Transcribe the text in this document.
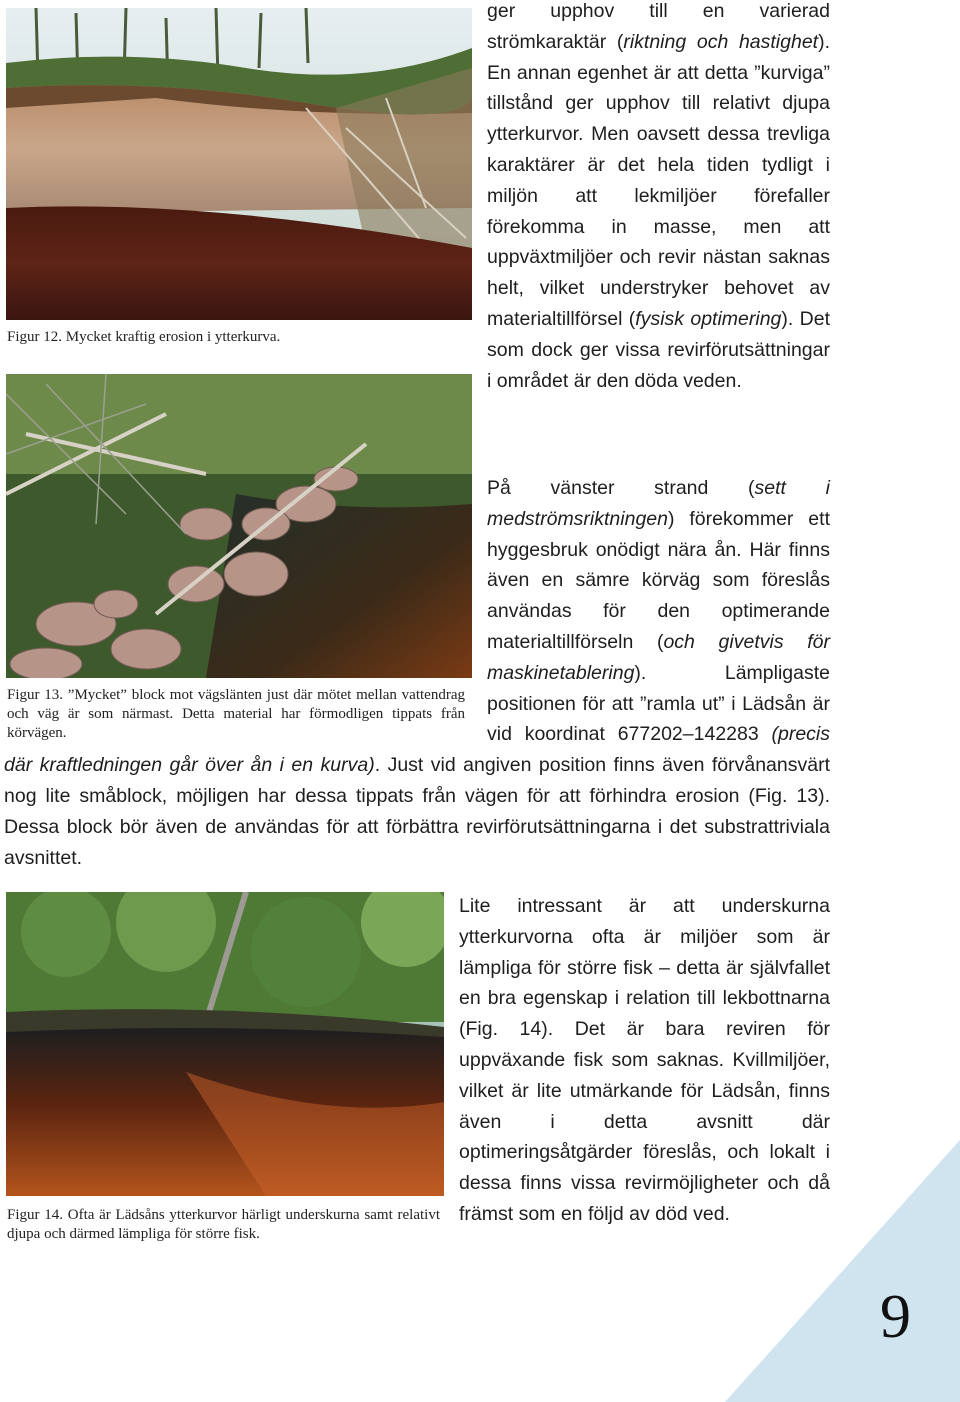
Figur 12. Mycket kraftig erosion i ytterkurva.
Figur 13. ”Mycket” block mot vägslänten just där mötet mellan vattendrag och väg är som närmast. Detta material har förmodligen tippats från körvägen.
Figur 14. Ofta är Lädsåns ytterkurvor härligt underskurna samt relativt djupa och därmed lämpliga för större fisk.

ger upphov till en varierad strömkaraktär (riktning och hastighet). En annan egenhet är att detta ”kurviga” tillstånd ger upphov till relativt djupa ytterkurvor. Men oavsett dessa trevliga karaktärer är det hela tiden tydligt i miljön att lekmiljöer förefaller förekomma in masse, men att uppväxtmiljöer och revir nästan saknas helt, vilket understryker behovet av materialtillförsel (fysisk optimering). Det som dock ger vissa revirförutsättningar i området är den döda veden.

På vänster strand (sett i medströmsriktningen) förekommer ett hyggesbruk onödigt nära ån. Här finns även en sämre körväg som föreslås användas för den optimerande materialtillförseln (och givetvis för maskinetablering). Lämpligaste positionen för att ”ramla ut” i Lädsån är vid koordinat 677202–142283 (precis där kraftledningen går över ån i en kurva). Just vid angiven position finns även förvånansvärt nog lite småblock, möjligen har dessa tippats från vägen för att förhindra erosion (Fig. 13). Dessa block bör även de användas för att förbättra revirförutsättningarna i det substrattriviala avsnittet.

Lite intressant är att underskurna ytterkurvorna ofta är miljöer som är lämpliga för större fisk – detta är självfallet en bra egenskap i relation till lekbottnarna (Fig. 14). Det är bara reviren för uppväxande fisk som saknas. Kvillmiljöer, vilket är lite utmärkande för Lädsån, finns även i detta avsnitt där optimeringsåtgärder föreslås, och lokalt i dessa finns vissa revirmöjligheter och då främst som en följd av död ved.

9
